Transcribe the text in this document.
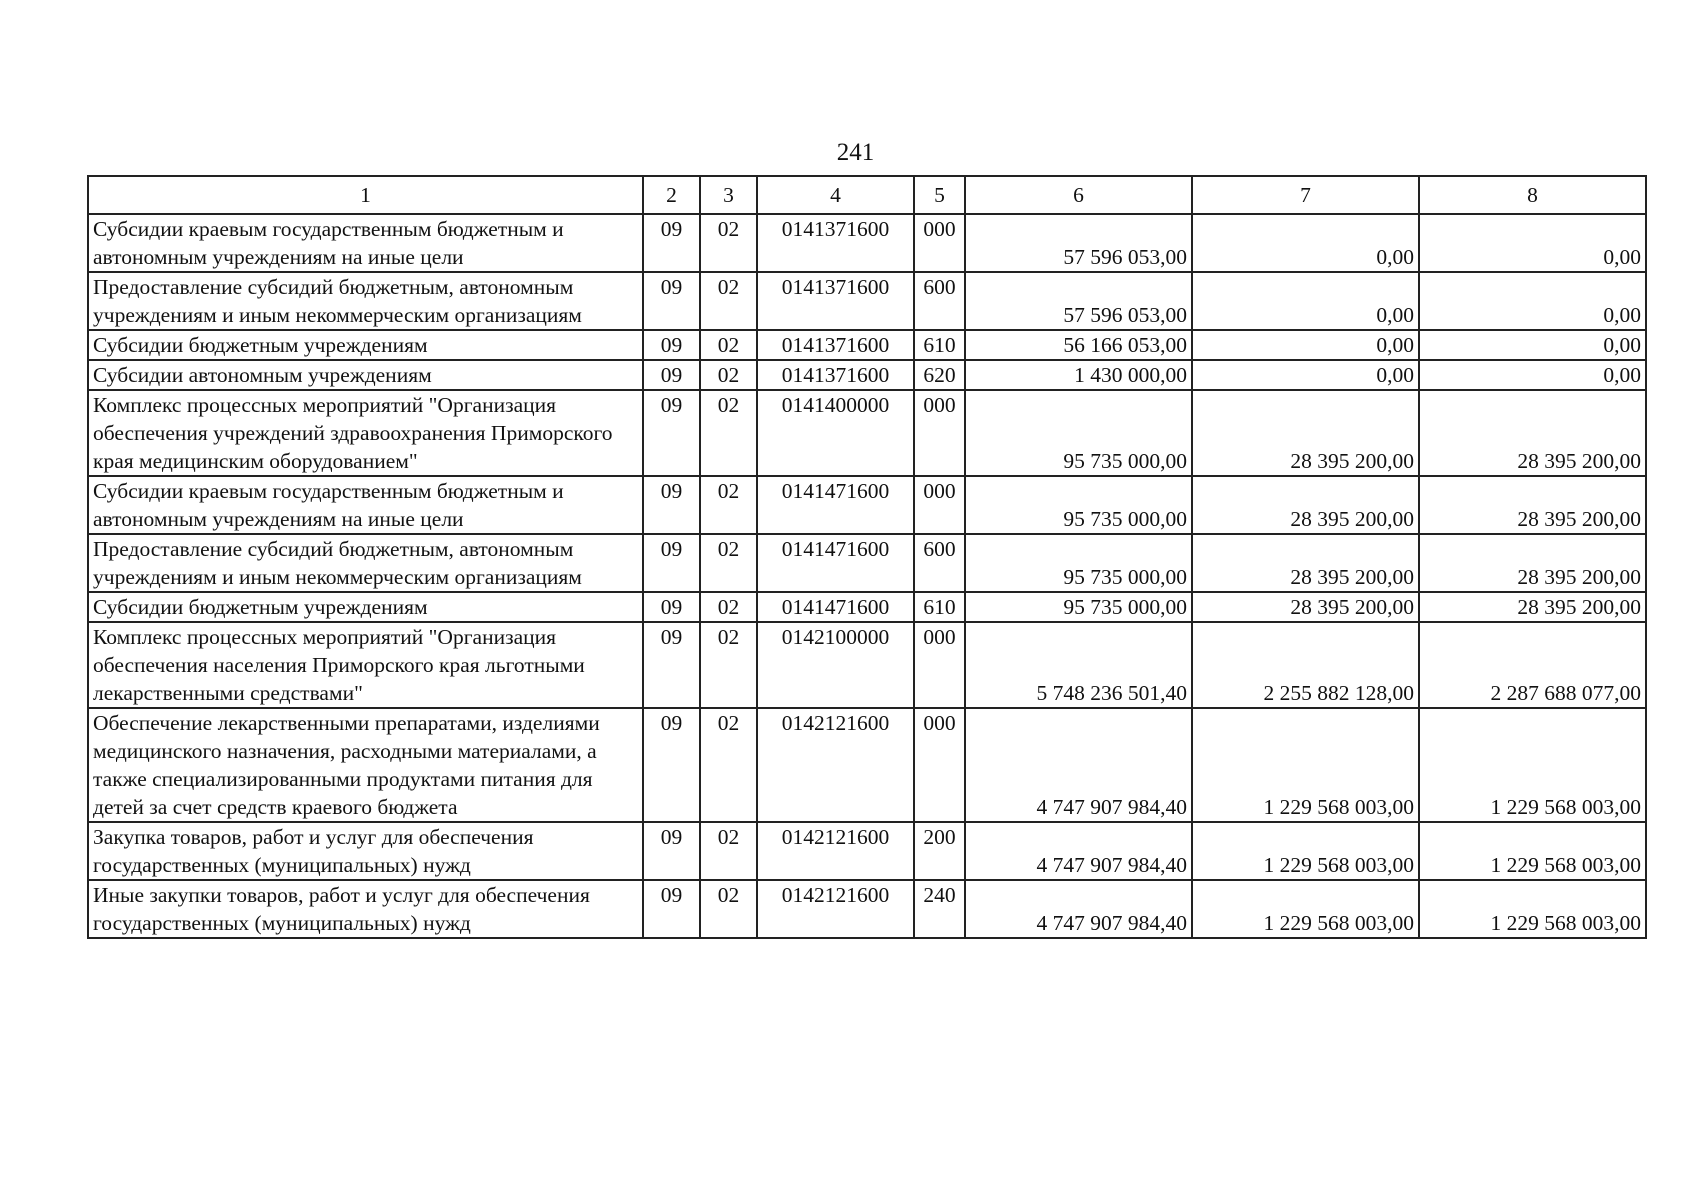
241
1	2	3	4	5	6	7	8
Субсидии краевым государственным бюджетным и автономным учреждениям на иные цели	09	02	0141371600	000	57 596 053,00	0,00	0,00
Предоставление субсидий бюджетным, автономным учреждениям и иным некоммерческим организациям	09	02	0141371600	600	57 596 053,00	0,00	0,00
Субсидии бюджетным учреждениям	09	02	0141371600	610	56 166 053,00	0,00	0,00
Субсидии автономным учреждениям	09	02	0141371600	620	1 430 000,00	0,00	0,00
Комплекс процессных мероприятий "Организация обеспечения учреждений здравоохранения Приморского края медицинским оборудованием"	09	02	0141400000	000	95 735 000,00	28 395 200,00	28 395 200,00
Субсидии краевым государственным бюджетным и автономным учреждениям на иные цели	09	02	0141471600	000	95 735 000,00	28 395 200,00	28 395 200,00
Предоставление субсидий бюджетным, автономным учреждениям и иным некоммерческим организациям	09	02	0141471600	600	95 735 000,00	28 395 200,00	28 395 200,00
Субсидии бюджетным учреждениям	09	02	0141471600	610	95 735 000,00	28 395 200,00	28 395 200,00
Комплекс процессных мероприятий "Организация обеспечения населения Приморского края льготными лекарственными средствами"	09	02	0142100000	000	5 748 236 501,40	2 255 882 128,00	2 287 688 077,00
Обеспечение лекарственными препаратами, изделиями медицинского назначения, расходными материалами, а также специализированными продуктами питания для детей за счет средств краевого бюджета	09	02	0142121600	000	4 747 907 984,40	1 229 568 003,00	1 229 568 003,00
Закупка товаров, работ и услуг для обеспечения государственных (муниципальных) нужд	09	02	0142121600	200	4 747 907 984,40	1 229 568 003,00	1 229 568 003,00
Иные закупки товаров, работ и услуг для обеспечения государственных (муниципальных) нужд	09	02	0142121600	240	4 747 907 984,40	1 229 568 003,00	1 229 568 003,00
